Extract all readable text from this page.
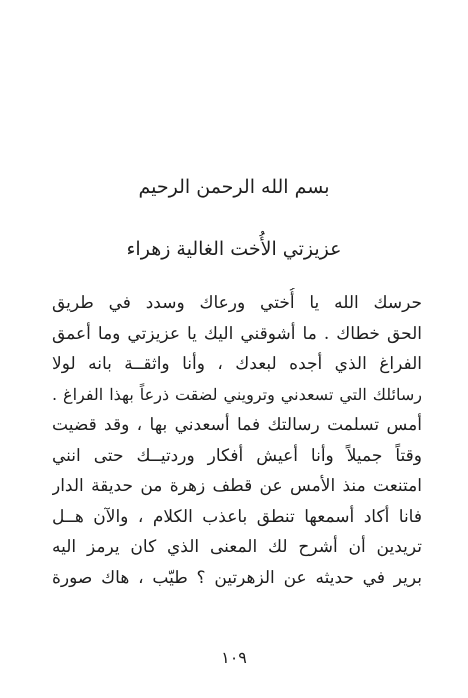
بسم الله الرحمن الرحيم
عزيزتي الأُخت الغالية زهراء
حرسك الله يا أُختي ورعاك وسدد في طريق
الحق خطاك . ما أشوقني اليك يا عزيزتي وما أعمق
الفراغ الذي أجده لبعدك ، وأنا واثقــة بانه لولا
رسائلك التي تسعدني وترويني لضقت ذرعاً بهذا الفراغ .
أمس تسلمت رسالتك فما أسعدني بها ، وقد قضيت
وقتاً جميلاً وأنا أعيش أفكار وردتيــك حتى انني
امتنعت منذ الأمس عن قطف زهرة من حديقة الدار
فانا أكاد أسمعها تنطق باعذب الكلام ، والآن هــل
تريدين أن أشرح لك المعنى الذي كان يرمز اليه
برير في حديثه عن الزهرتين ؟ طيّب ، هاك صورة
١٠٩
